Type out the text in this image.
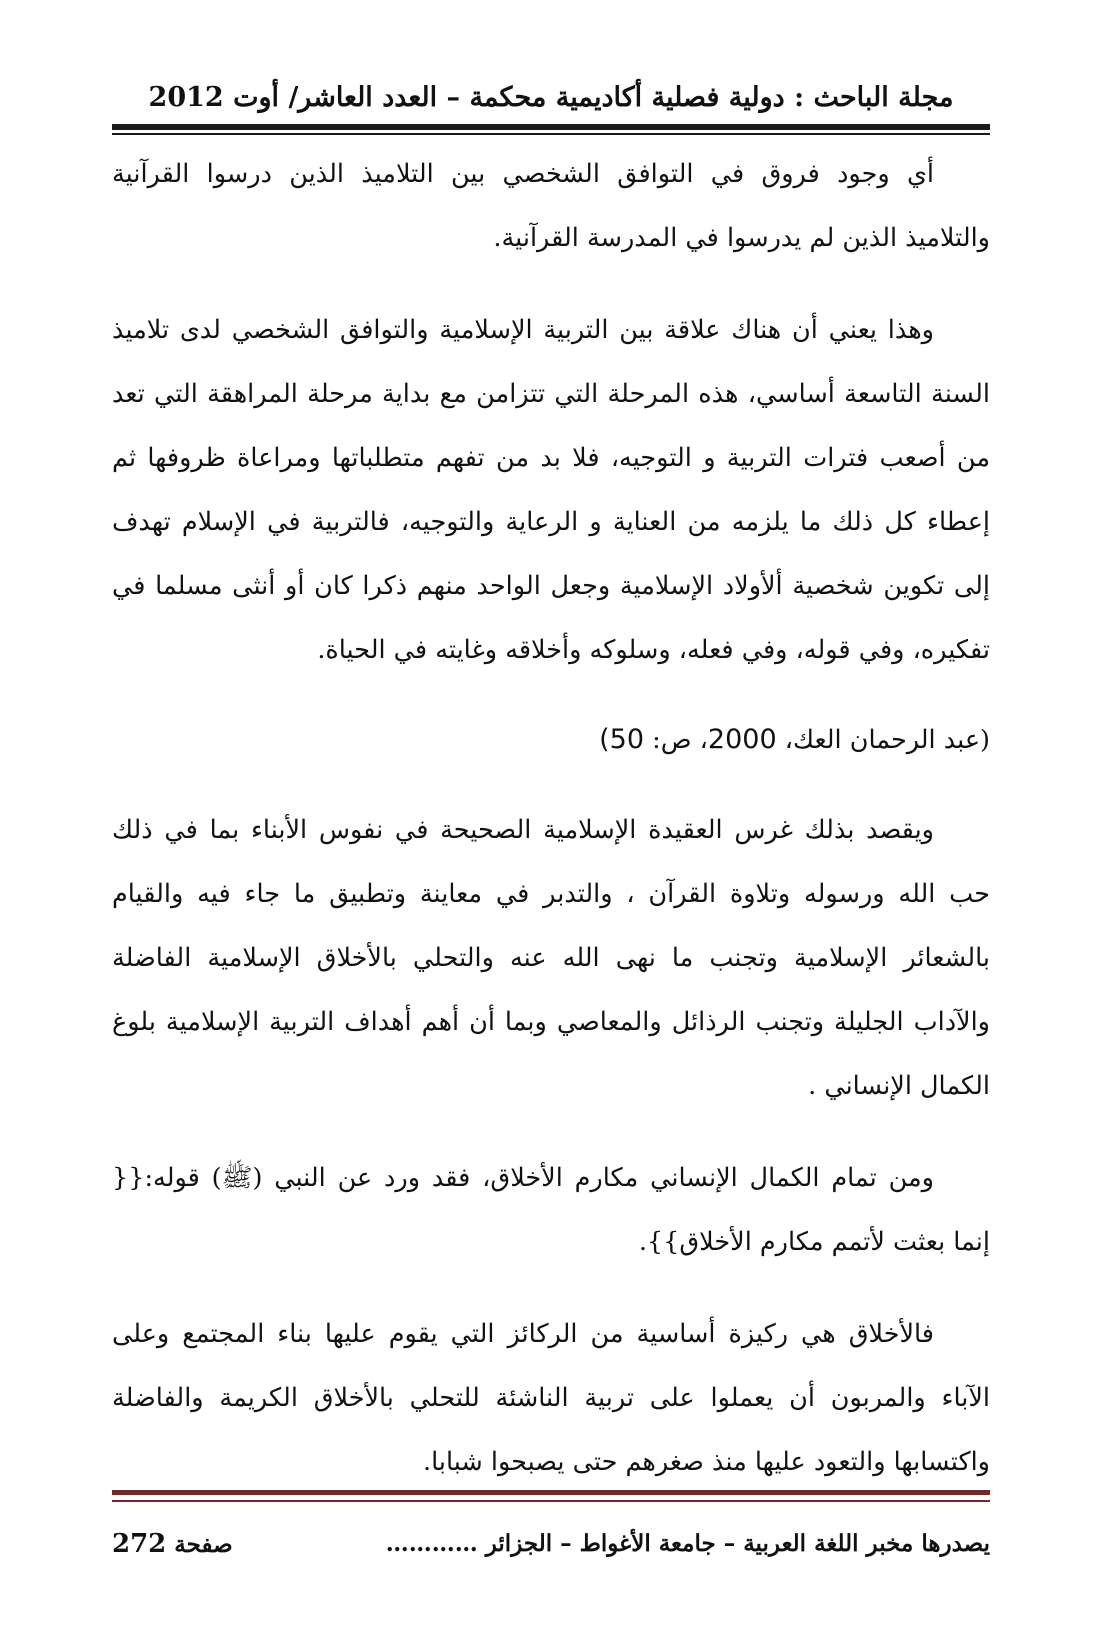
مجلة الباحث : دولية فصلية أكاديمية محكمة – العدد العاشر/ أوت 2012

أي وجود فروق في التوافق الشخصي بين التلاميذ الذين درسوا القرآنية والتلاميذ الذين لم يدرسوا في المدرسة القرآنية.

وهذا يعني أن هناك علاقة بين التربية الإسلامية والتوافق الشخصي لدى تلاميذ السنة التاسعة أساسي، هذه المرحلة التي تتزامن مع بداية مرحلة المراهقة التي تعد من أصعب فترات التربية و التوجيه، فلا بد من تفهم متطلباتها ومراعاة ظروفها ثم إعطاء كل ذلك ما يلزمه من العناية و الرعاية والتوجيه، فالتربية في الإسلام تهدف إلى تكوين شخصية ألأولاد الإسلامية وجعل الواحد منهم ذكرا كان أو أنثى مسلما في تفكيره، وفي قوله، وفي فعله، وسلوكه وأخلاقه وغايته في الحياة.

(عبد الرحمان العك، 2000، ص: 50)

ويقصد بذلك غرس العقيدة الإسلامية الصحيحة في نفوس الأبناء بما في ذلك حب الله ورسوله وتلاوة القرآن ، والتدبر في معاينة وتطبيق ما جاء فيه والقيام بالشعائر الإسلامية وتجنب ما نهى الله عنه والتحلي بالأخلاق الإسلامية الفاضلة والآداب الجليلة وتجنب الرذائل والمعاصي وبما أن أهم أهداف التربية الإسلامية بلوغ الكمال الإنساني .

ومن تمام الكمال الإنساني مكارم الأخلاق، فقد ورد عن النبي (ﷺ) قوله:{{ إنما بعثت لأتمم مكارم الأخلاق}}.

فالأخلاق هي ركيزة أساسية من الركائز التي يقوم عليها بناء المجتمع وعلى الآباء والمربون أن يعملوا على تربية الناشئة للتحلي بالأخلاق الكريمة والفاضلة واكتسابها والتعود عليها منذ صغرهم حتى يصبحوا شبابا.

يصدرها مخبر اللغة العربية – جامعة الأغواط – الجزائر …………
صفحة 272
